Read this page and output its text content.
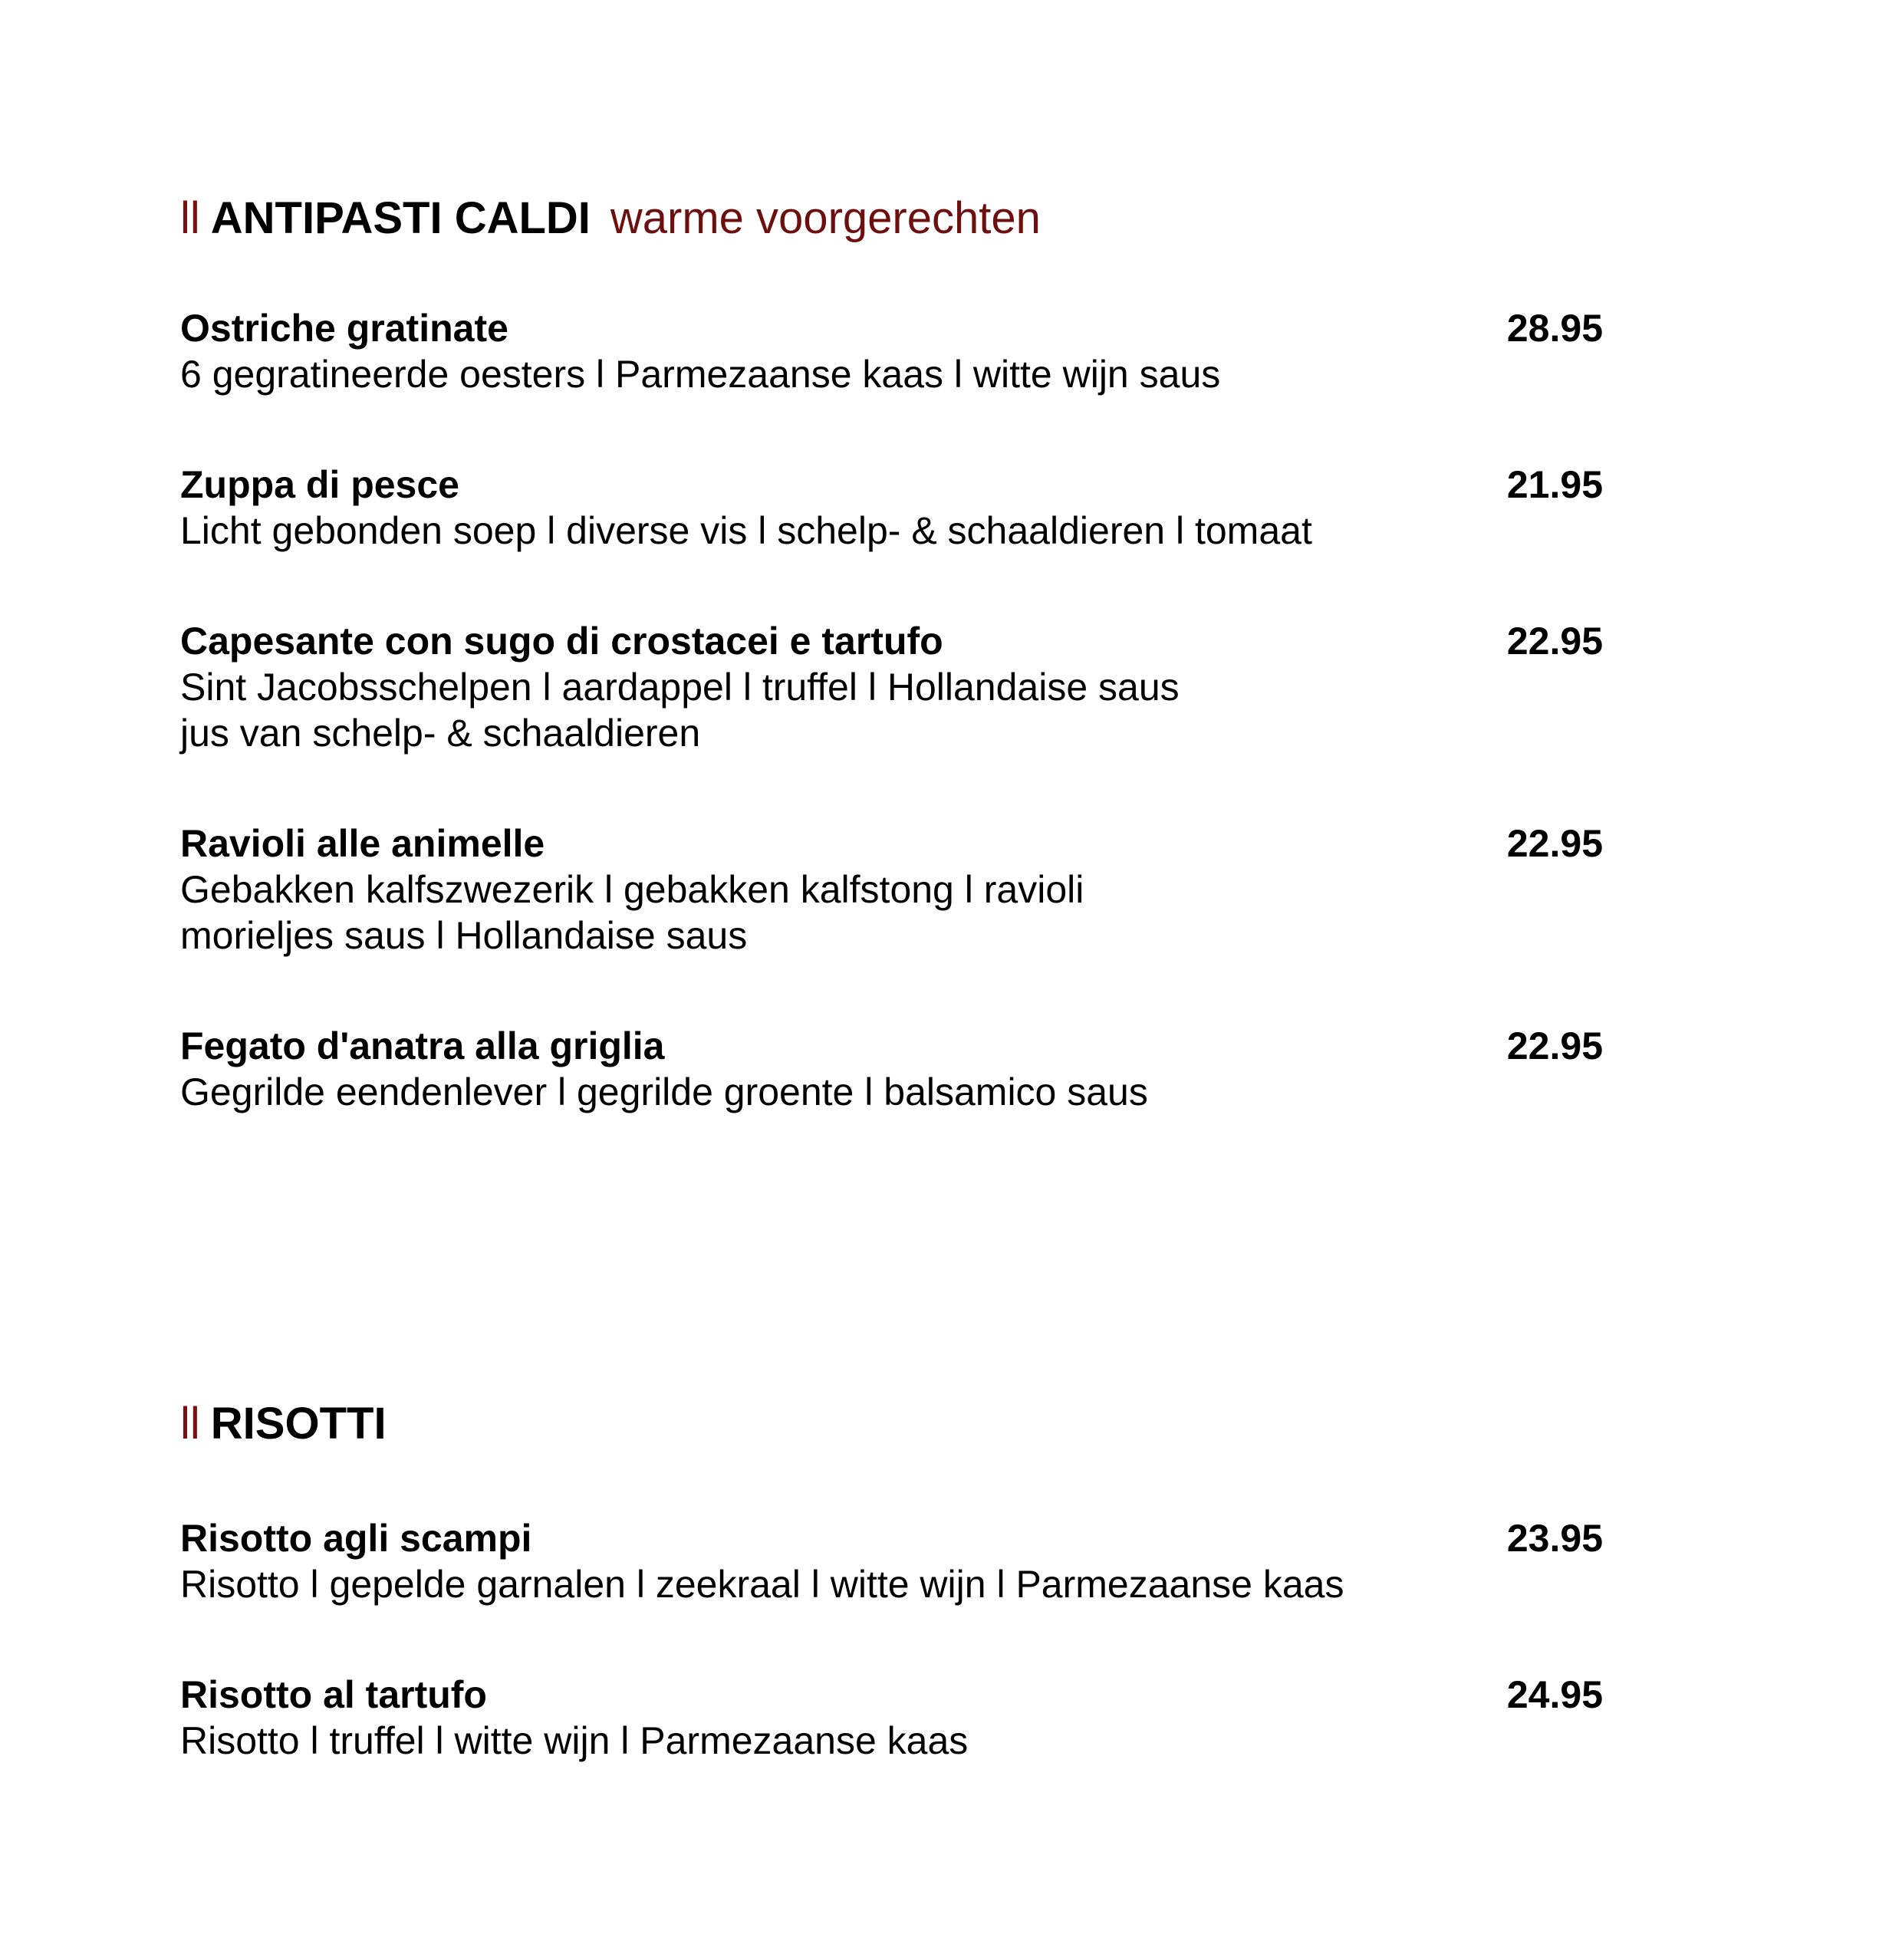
ll ANTIPASTI CALDI warme voorgerechten
Ostriche gratinate	28.95
6 gegratineerde oesters l Parmezaanse kaas l witte wijn saus
Zuppa di pesce	21.95
Licht gebonden soep l diverse vis l schelp- & schaaldieren l tomaat
Capesante con sugo di crostacei e tartufo	22.95
Sint Jacobsschelpen l aardappel l truffel l Hollandaise saus
jus van schelp- & schaaldieren
Ravioli alle animelle	22.95
Gebakken kalfszwezerik l gebakken kalfstong l ravioli
morieljes saus l Hollandaise saus
Fegato d'anatra alla griglia	22.95
Gegrilde eendenlever l gegrilde groente l balsamico saus
ll RISOTTI
Risotto agli scampi	23.95
Risotto l gepelde garnalen l zeekraal l witte wijn l Parmezaanse kaas
Risotto al tartufo	24.95
Risotto l truffel l witte wijn l Parmezaanse kaas
